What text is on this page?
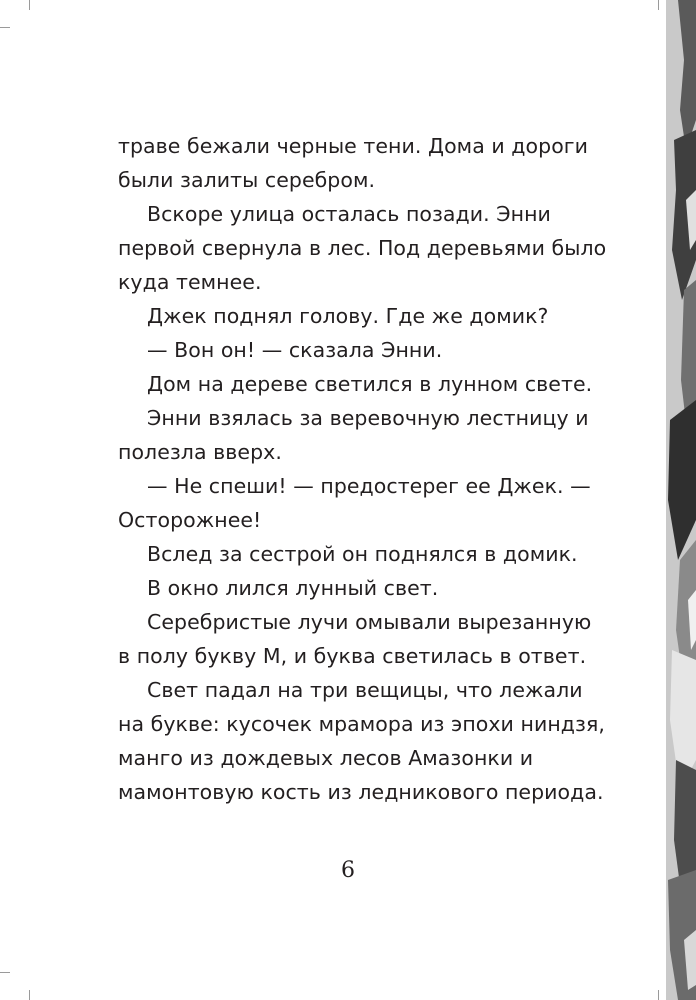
траве бежали черные тени. Дома и дороги
были залиты серебром.
Вскоре улица осталась позади. Энни
первой свернула в лес. Под деревьями было
куда темнее.
Джек поднял голову. Где же домик?
— Вон он! — сказала Энни.
Дом на дереве светился в лунном свете.
Энни взялась за веревочную лестницу и
полезла вверх.
— Не спеши! — предостерег ее Джек. —
Осторожнее!
Вслед за сестрой он поднялся в домик.
В окно лился лунный свет.
Серебристые лучи омывали вырезанную
в полу букву М, и буква светилась в ответ.
Свет падал на три вещицы, что лежали
на букве: кусочек мрамора из эпохи ниндзя,
манго из дождевых лесов Амазонки и
мамонтовую кость из ледникового периода.
6
